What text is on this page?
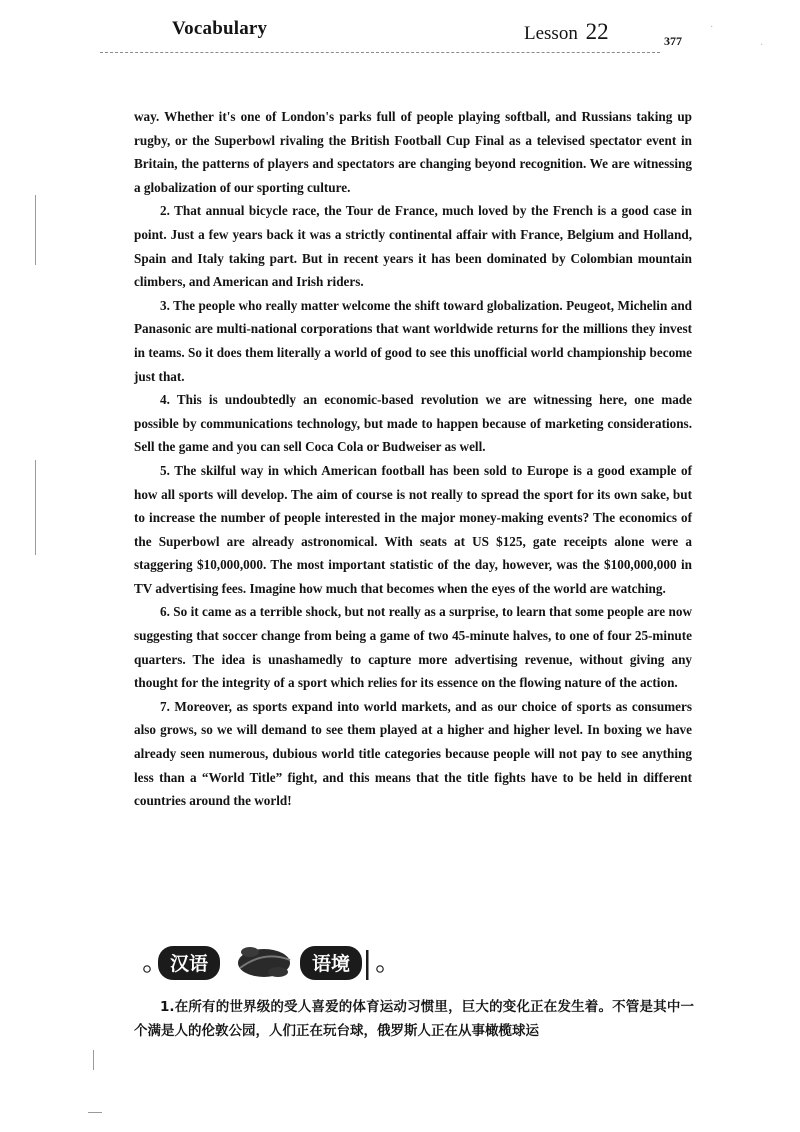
Vocabulary	Lesson 22	377
·
·

way. Whether it's one of London's parks full of people playing softball, and Russians taking up rugby, or the Superbowl rivaling the British Football Cup Final as a televised spectator event in Britain, the patterns of players and spectators are changing beyond recognition. We are witnessing a globalization of our sporting culture.

2. That annual bicycle race, the Tour de France, much loved by the French is a good case in point. Just a few years back it was a strictly continental affair with France, Belgium and Holland, Spain and Italy taking part. But in recent years it has been dominated by Colombian mountain climbers, and American and Irish riders.

3. The people who really matter welcome the shift toward globalization. Peugeot, Michelin and Panasonic are multi-national corporations that want worldwide returns for the millions they invest in teams. So it does them literally a world of good to see this unofficial world championship become just that.

4. This is undoubtedly an economic-based revolution we are witnessing here, one made possible by communications technology, but made to happen because of marketing considerations. Sell the game and you can sell Coca Cola or Budweiser as well.

5. The skilful way in which American football has been sold to Europe is a good example of how all sports will develop. The aim of course is not really to spread the sport for its own sake, but to increase the number of people interested in the major money-making events? The economics of the Superbowl are already astronomical. With seats at US $125, gate receipts alone were a staggering $10,000,000. The most important statistic of the day, however, was the $100,000,000 in TV advertising fees. Imagine how much that becomes when the eyes of the world are watching.

6. So it came as a terrible shock, but not really as a surprise, to learn that some people are now suggesting that soccer change from being a game of two 45-minute halves, to one of four 25-minute quarters. The idea is unashamedly to capture more advertising revenue, without giving any thought for the integrity of a sport which relies for its essence on the flowing nature of the action.

7. Moreover, as sports expand into world markets, and as our choice of sports as consumers also grows, so we will demand to see them played at a higher and higher level. In boxing we have already seen numerous, dubious world title categories because people will not pay to see anything less than a “World Title” fight, and this means that the title fights have to be held in different countries around the world!

汉语	语境

1.在所有的世界级的受人喜爱的体育运动习惯里，巨大的变化正在发生着。不管是其中一个满是人的伦敦公园，人们正在玩台球，俄罗斯人正在从事橄榄球运
